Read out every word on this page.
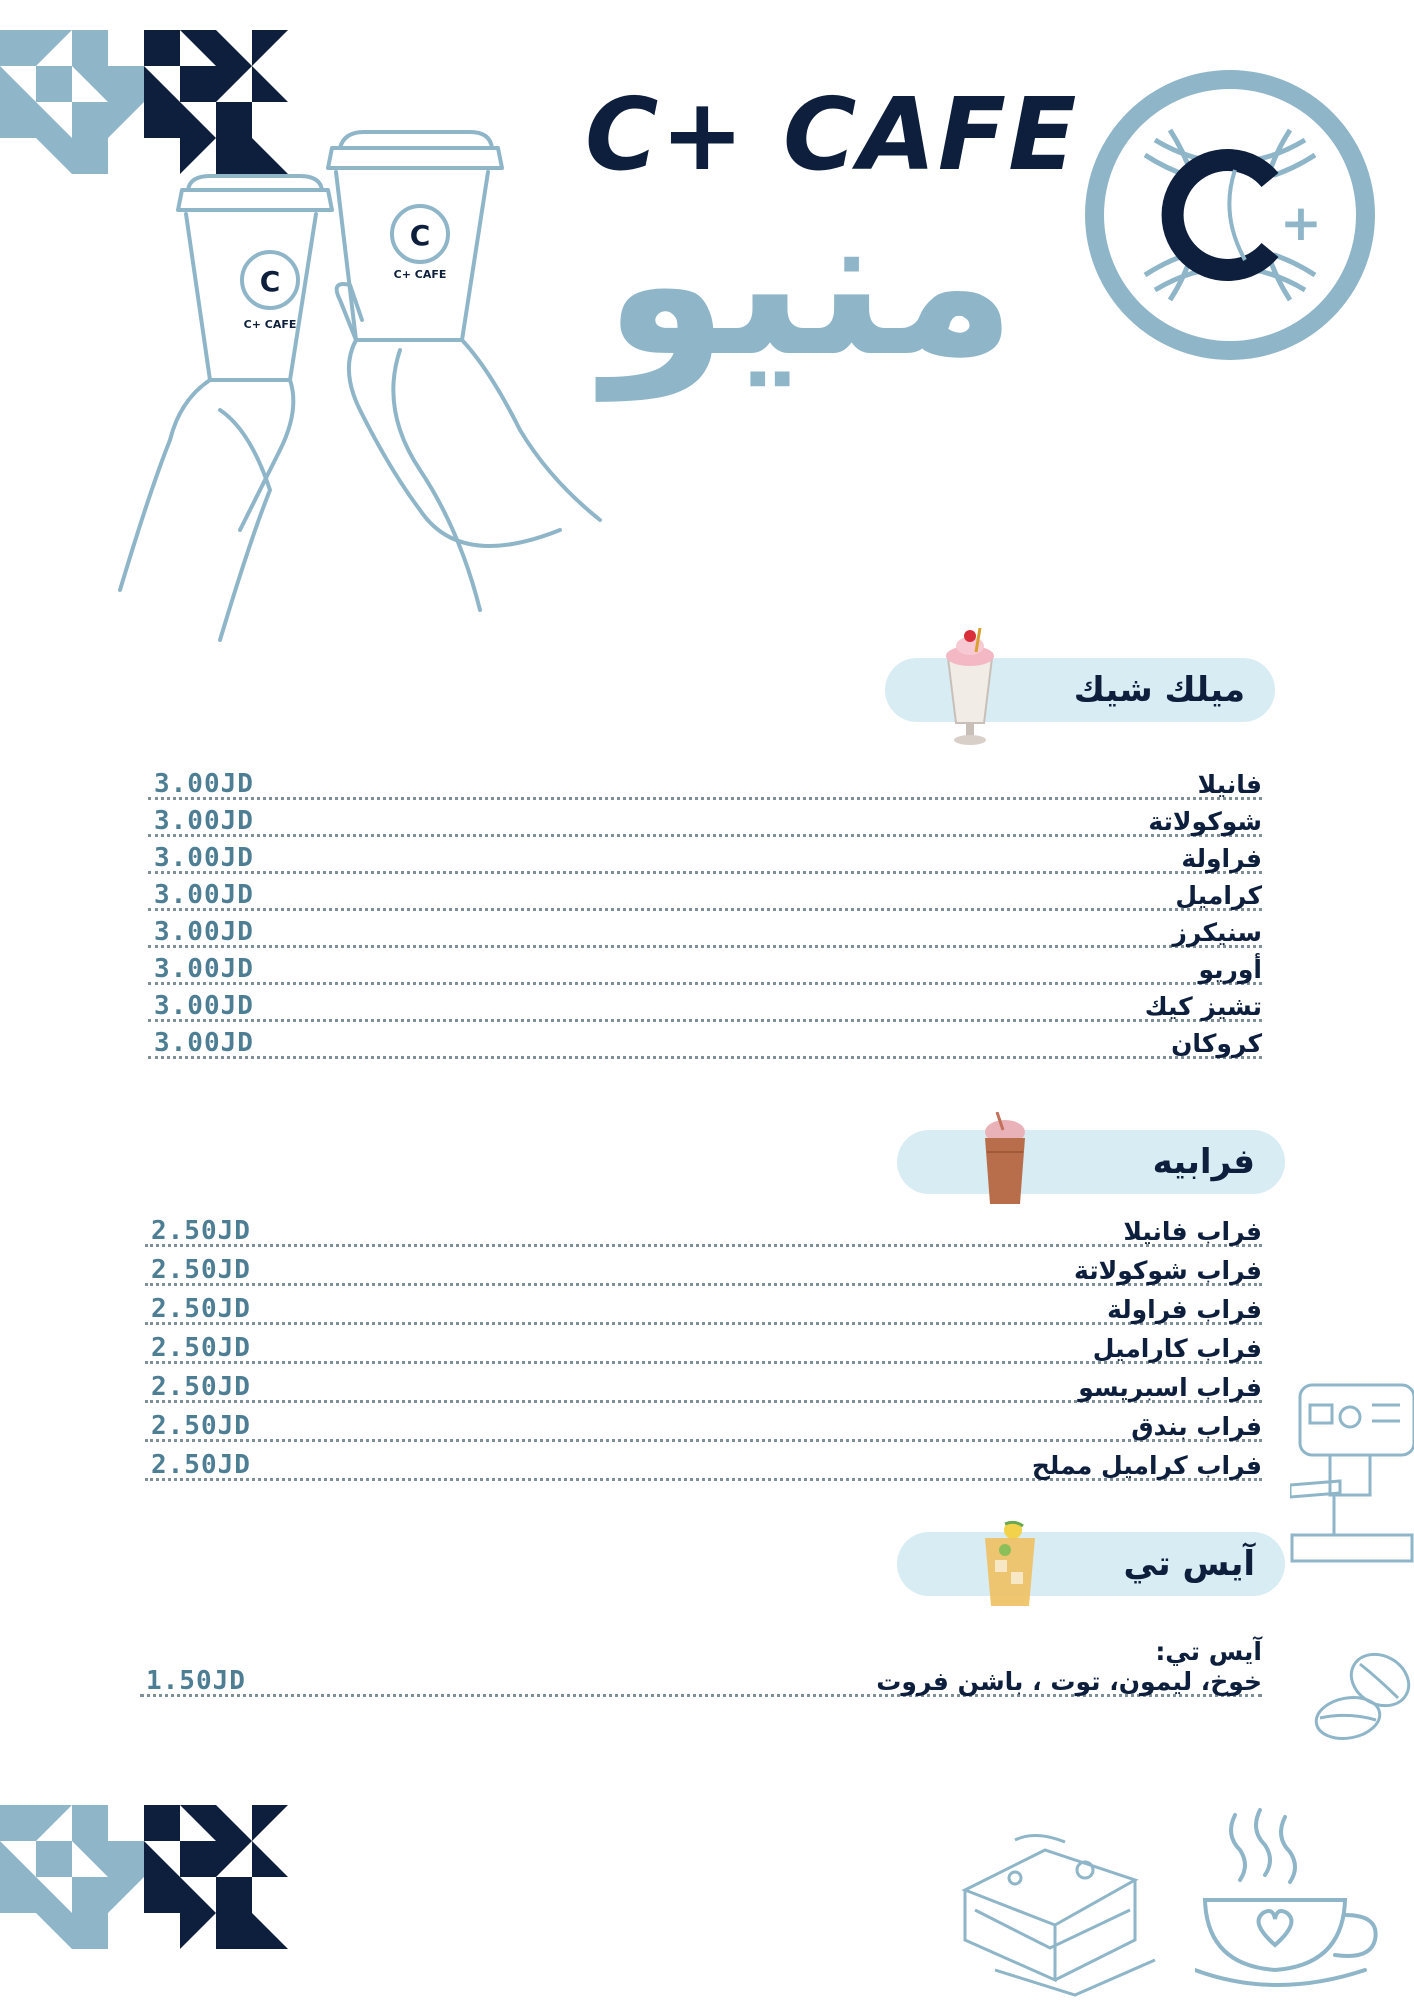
C
C+ CAFE
C
C+ CAFE
C+ CAFE
منيو	+
ميلك شيك
فانيلا
3.00JD
شوكولاتة
3.00JD
فراولة
3.00JD
كراميل
3.00JD
سنيكرز
3.00JD
أوريو
3.00JD
تشيز كيك
3.00JD
كروكان
3.00JD
فرابيه
فراب فانيلا
2.50JD
فراب شوكولاتة
2.50JD
فراب فراولة
2.50JD
فراب كاراميل
2.50JD
فراب اسبريسو
2.50JD
فراب بندق
2.50JD
فراب كراميل مملح
2.50JD
آيس تي
آيس تي:
خوخ، ليمون، توت ، باشن فروت
1.50JD
